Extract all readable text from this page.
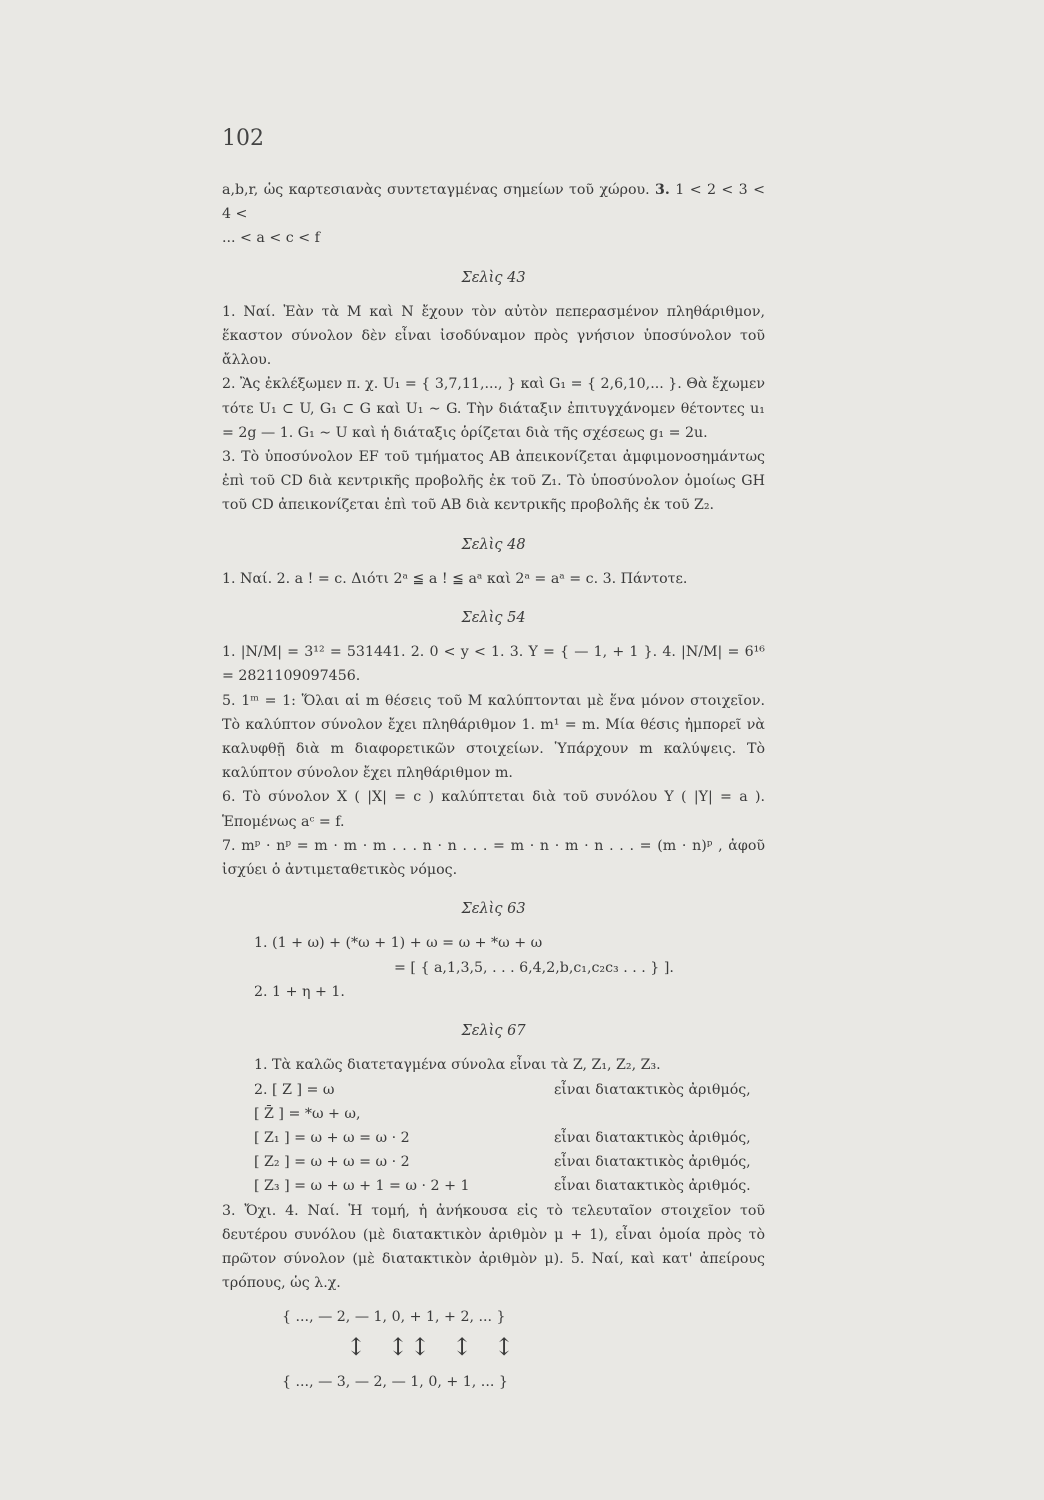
102

a,b,r, ὡς καρτεσιανὰς συντεταγμένας σημείων τοῦ χώρου. 3. 1 < 2 < 3 < 4 <

... < a < c < f

Σελὶς 43

1. Ναί. Ἐὰν τὰ M καὶ N ἔχουν τὸν αὐτὸν πεπερασμένον πληθάριθμον, ἕκαστον σύνολον δὲν εἶναι ἰσοδύναμον πρὸς γνήσιον ὑποσύνολον τοῦ ἄλλου.

2. Ἂς ἐκλέξωμεν π. χ. U₁ = { 3,7,11,..., } καὶ G₁ = { 2,6,10,... }. Θὰ ἔχωμεν τότε U₁ ⊂ U, G₁ ⊂ G καὶ U₁ ∼ G. Τὴν διάταξιν ἐπιτυγχάνομεν θέτοντες u₁ = 2g — 1. G₁ ∼ U καὶ ἡ διάταξις ὁρίζεται διὰ τῆς σχέσεως g₁ = 2u.

3. Τὸ ὑποσύνολον EF τοῦ τμήματος AB ἀπεικονίζεται ἀμφιμονοσημάντως ἐπὶ τοῦ CD διὰ κεντρικῆς προβολῆς ἐκ τοῦ Z₁. Τὸ ὑποσύνολον ὁμοίως GH τοῦ CD ἀπεικονίζεται ἐπὶ τοῦ AB διὰ κεντρικῆς προβολῆς ἐκ τοῦ Z₂.

Σελὶς 48

1. Ναί. 2. a ! = c. Διότι 2ᵃ ≦ a ! ≦ aᵃ καὶ 2ᵃ = aᵃ = c. 3. Πάντοτε.

Σελὶς 54

1. |N/M| = 3¹² = 531441. 2. 0 < y < 1. 3. Y = { — 1, + 1 }. 4. |N/M| = 6¹⁶ = 2821109097456.

5. 1ᵐ = 1: Ὅλαι αἱ m θέσεις τοῦ M καλύπτονται μὲ ἕνα μόνον στοιχεῖον. Τὸ καλύπτον σύνολον ἔχει πληθάριθμον 1. m¹ = m. Μία θέσις ἠμπορεῖ νὰ καλυφθῇ διὰ m διαφορετικῶν στοιχείων. Ὑπάρχουν m καλύψεις. Τὸ καλύπτον σύνολον ἔχει πληθάριθμον m.

6. Τὸ σύνολον X ( |X| = c ) καλύπτεται διὰ τοῦ συνόλου Y ( |Y| = a ). Ἑπομένως aᶜ = f.

7. mᵖ · nᵖ = m · m · m . . . n · n . . . = m · n · m · n . . . = (m · n)ᵖ , ἀφοῦ ἰσχύει ὁ ἀντιμεταθετικὸς νόμος.

Σελὶς 63

1. (1 + ω) + (*ω + 1) + ω = ω + *ω + ω

= [ { a,1,3,5, . . . 6,4,2,b,c₁,c₂c₃ . . . } ].

2. 1 + η + 1.

Σελὶς 67

1. Τὰ καλῶς διατεταγμένα σύνολα εἶναι τὰ Z, Z₁, Z₂, Z₃.

2. [ Z ] = ω	εἶναι διατακτικὸς ἀριθμός,
[ Z̄ ] = *ω + ω,
[ Z₁ ] = ω + ω = ω · 2	εἶναι διατακτικὸς ἀριθμός,
[ Z₂ ] = ω + ω = ω · 2	εἶναι διατακτικὸς ἀριθμός,
[ Z₃ ] = ω + ω + 1 = ω · 2 + 1	εἶναι διατακτικὸς ἀριθμός.

3. Ὄχι. 4. Ναί. Ἡ τομή, ἡ ἀνήκουσα εἰς τὸ τελευταῖον στοιχεῖον τοῦ δευτέρου συνόλου (μὲ διατακτικὸν ἀριθμὸν μ + 1), εἶναι ὁμοία πρὸς τὸ πρῶτον σύνολον (μὲ διατακτικὸν ἀριθμὸν μ). 5. Ναί, καὶ κατ' ἀπείρους τρόπους, ὡς λ.χ.

{ ..., — 2, — 1, 0, + 1, + 2, ... }

↕ ↕ ↕ ↕ ↕

{ ..., — 3, — 2, — 1, 0, + 1, ... }
